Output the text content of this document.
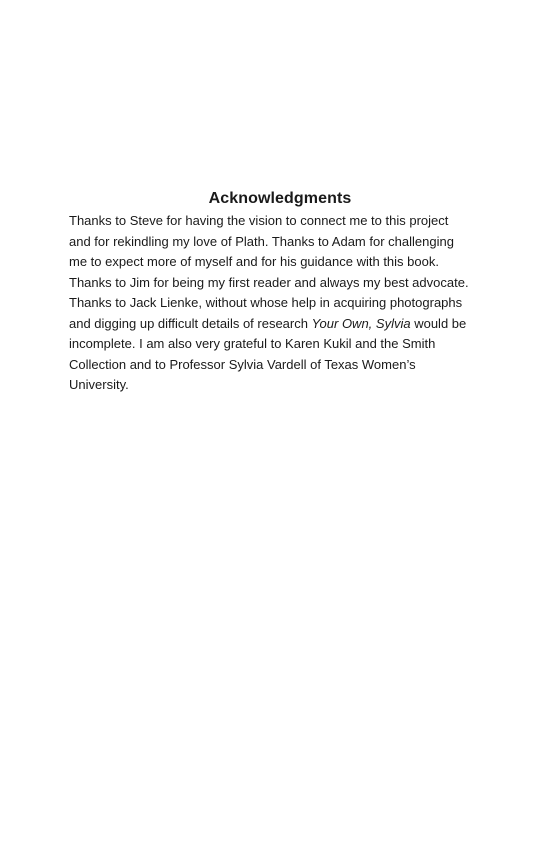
Acknowledgments
Thanks to Steve for having the vision to connect me to this project
and for rekindling my love of Plath. Thanks to Adam for challenging
me to expect more of myself and for his guidance with this book.
Thanks to Jim for being my first reader and always my best advocate.
Thanks to Jack Lienke, without whose help in acquiring photographs
and digging up difficult details of research Your Own, Sylvia would be
incomplete. I am also very grateful to Karen Kukil and the Smith
Collection and to Professor Sylvia Vardell of Texas Women’s
University.
